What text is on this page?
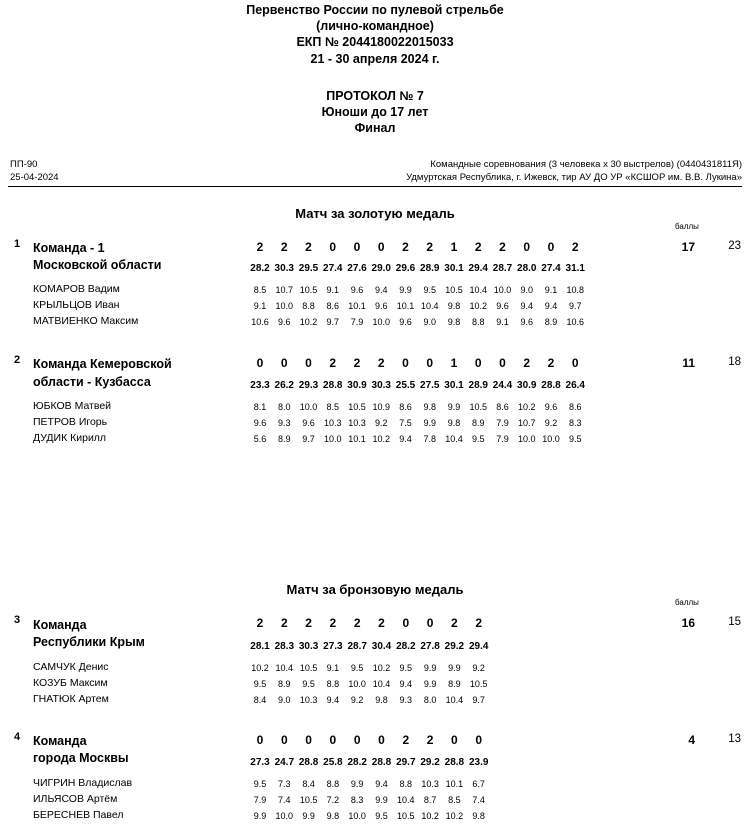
Первенство России по пулевой стрельбе
(лично-командное)
ЕКП № 2044180022015033
21 - 30 апреля 2024 г.
ПРОТОКОЛ № 7
Юноши до 17 лет
Финал
ПП-90
25-04-2024
Командные соревнования (3 человека х 30 выстрелов) (0440431811Я)
Удмуртская Республика, г. Ижевск, тир АУ ДО УР «КСШОР им. В.В. Лукина»
Матч за золотую медаль
баллы
1 Команда - 1
Московской области
2	2	2	0	0	0	2	2	1	2	2	0	0	2
28.2 30.3 29.5 27.4 27.6 29.0 29.6 28.9 30.1 29.4 28.7 28.0 27.4 31.1
17	23
КОМАРОВ Вадим	8.5	10.7 10.5	9.1	9.6	9.4	9.9	9.5	10.5 10.4 10.0	9.0	9.1	10.8
КРЫЛЬЦОВ Иван	9.1	10.0	8.8	8.6	10.1	9.6	10.1 10.4	9.8	10.2	9.6	9.4	9.4	9.7
МАТВИЕНКО Максим	10.6	9.6	10.2	9.7	7.9	10.0	9.6	9.0	9.8	8.8	9.1	9.6	8.9	10.6
2 Команда Кемеровской
области - Кузбасса
0	0	0	2	2	2	0	0	1	0	0	2	2	0
23.3 26.2 29.3 28.8 30.9 30.3 25.5 27.5 30.1 28.9 24.4 30.9 28.8 26.4
11	18
ЮБКОВ Матвей	8.1	8.0	10.0	8.5	10.5 10.9	8.6	9.8	9.9	10.5	8.6	10.2	9.6	8.6
ПЕТРОВ Игорь	9.6	9.3	9.6	10.3 10.3	9.2	7.5	9.9	9.8	8.9	7.9	10.7	9.2	8.3
ДУДИК Кирилл	5.6	8.9	9.7	10.0 10.1 10.2	9.4	7.8	10.4	9.5	7.9	10.0 10.0	9.5
Матч за бронзовую медаль
баллы
3 Команда
Республики Крым
2	2	2	2	2	2	0	0	2	2
28.1 28.3 30.3 27.3 28.7 30.4 28.2 27.8 29.2 29.4
16	15
САМЧУК Денис	10.2 10.4 10.5	9.1	9.5	10.2	9.5	9.9	9.9	9.2
КОЗУБ Максим	9.5	8.9	9.5	8.8	10.0 10.4	9.4	9.9	8.9	10.5
ГНАТЮК Артем	8.4	9.0	10.3	9.4	9.2	9.8	9.3	8.0	10.4	9.7
4 Команда
города Москвы
0	0	0	0	0	0	2	2	0	0
27.3 24.7 28.8 25.8 28.2 28.8 29.7 29.2 28.8 23.9
4	13
ЧИГРИН Владислав	9.5	7.3	8.4	8.8	9.9	9.4	8.8	10.3 10.1	6.7
ИЛЬЯСОВ Артём	7.9	7.4	10.5	7.2	8.3	9.9	10.4	8.7	8.5	7.4
БЕРЕСНЕВ Павел	9.9	10.0	9.9	9.8	10.0	9.5	10.5 10.2 10.2	9.8
